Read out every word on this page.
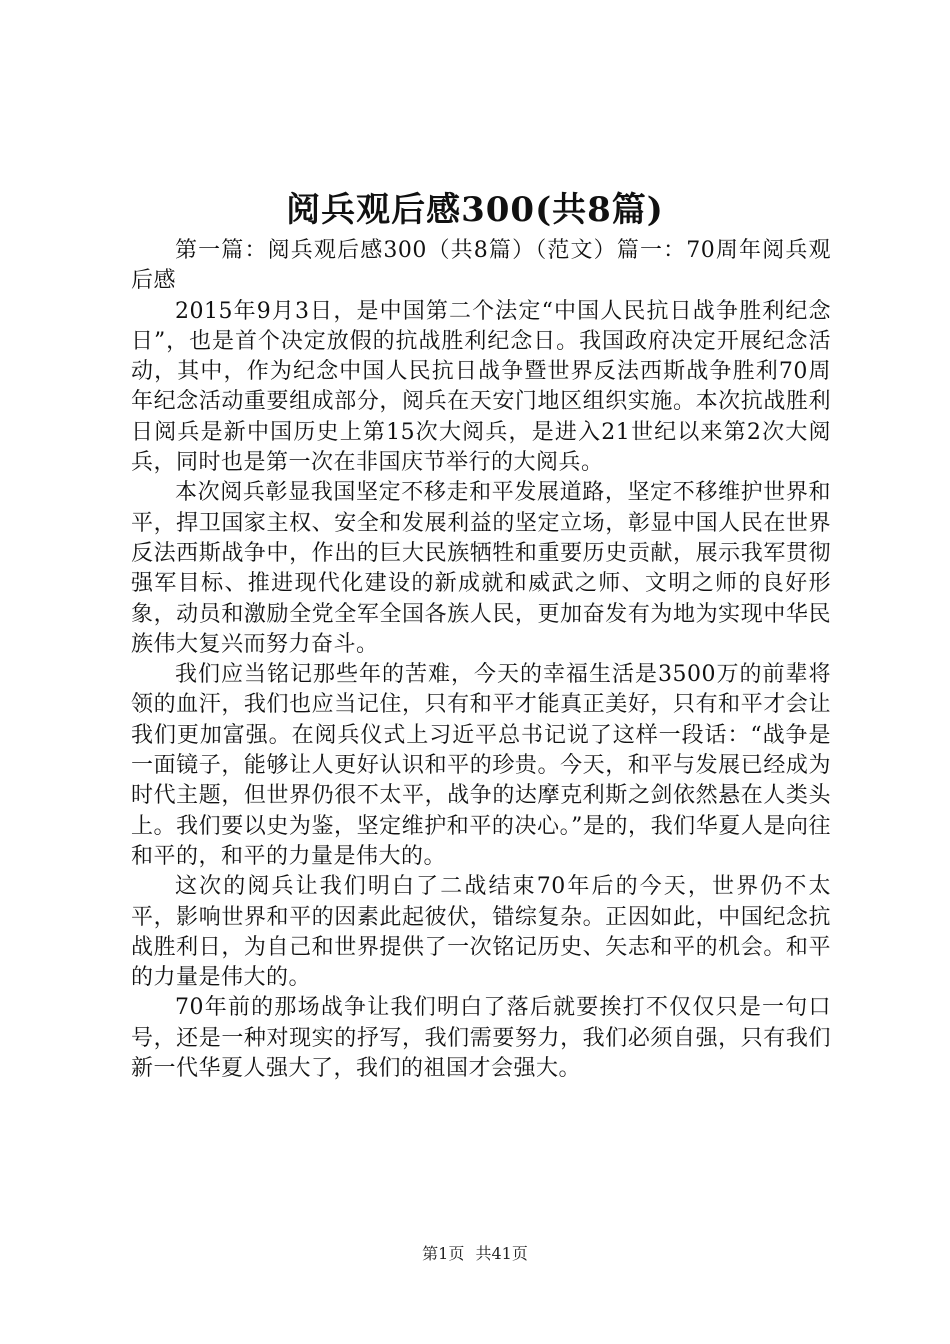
阅兵观后感300(共8篇)

第一篇：阅兵观后感300（共8篇）（范文）篇一：70周年阅兵观后感

2015年9月3日，是中国第二个法定“中国人民抗日战争胜利纪念日”，也是首个决定放假的抗战胜利纪念日。我国政府决定开展纪念活动，其中，作为纪念中国人民抗日战争暨世界反法西斯战争胜利70周年纪念活动重要组成部分，阅兵在天安门地区组织实施。本次抗战胜利日阅兵是新中国历史上第15次大阅兵，是进入21世纪以来第2次大阅兵，同时也是第一次在非国庆节举行的大阅兵。

本次阅兵彰显我国坚定不移走和平发展道路，坚定不移维护世界和平，捍卫国家主权、安全和发展利益的坚定立场，彰显中国人民在世界反法西斯战争中，作出的巨大民族牺牲和重要历史贡献，展示我军贯彻强军目标、推进现代化建设的新成就和威武之师、文明之师的良好形象，动员和激励全党全军全国各族人民，更加奋发有为地为实现中华民族伟大复兴而努力奋斗。

我们应当铭记那些年的苦难，今天的幸福生活是3500万的前辈将领的血汗，我们也应当记住，只有和平才能真正美好，只有和平才会让我们更加富强。在阅兵仪式上习近平总书记说了这样一段话：“战争是一面镜子，能够让人更好认识和平的珍贵。今天，和平与发展已经成为时代主题，但世界仍很不太平，战争的达摩克利斯之剑依然悬在人类头上。我们要以史为鉴，坚定维护和平的决心。”是的，我们华夏人是向往和平的，和平的力量是伟大的。

这次的阅兵让我们明白了二战结束70年后的今天，世界仍不太平，影响世界和平的因素此起彼伏，错综复杂。正因如此，中国纪念抗战胜利日，为自己和世界提供了一次铭记历史、矢志和平的机会。和平的力量是伟大的。

70年前的那场战争让我们明白了落后就要挨打不仅仅只是一句口号，还是一种对现实的抒写，我们需要努力，我们必须自强，只有我们新一代华夏人强大了，我们的祖国才会强大。

第1页 共41页
